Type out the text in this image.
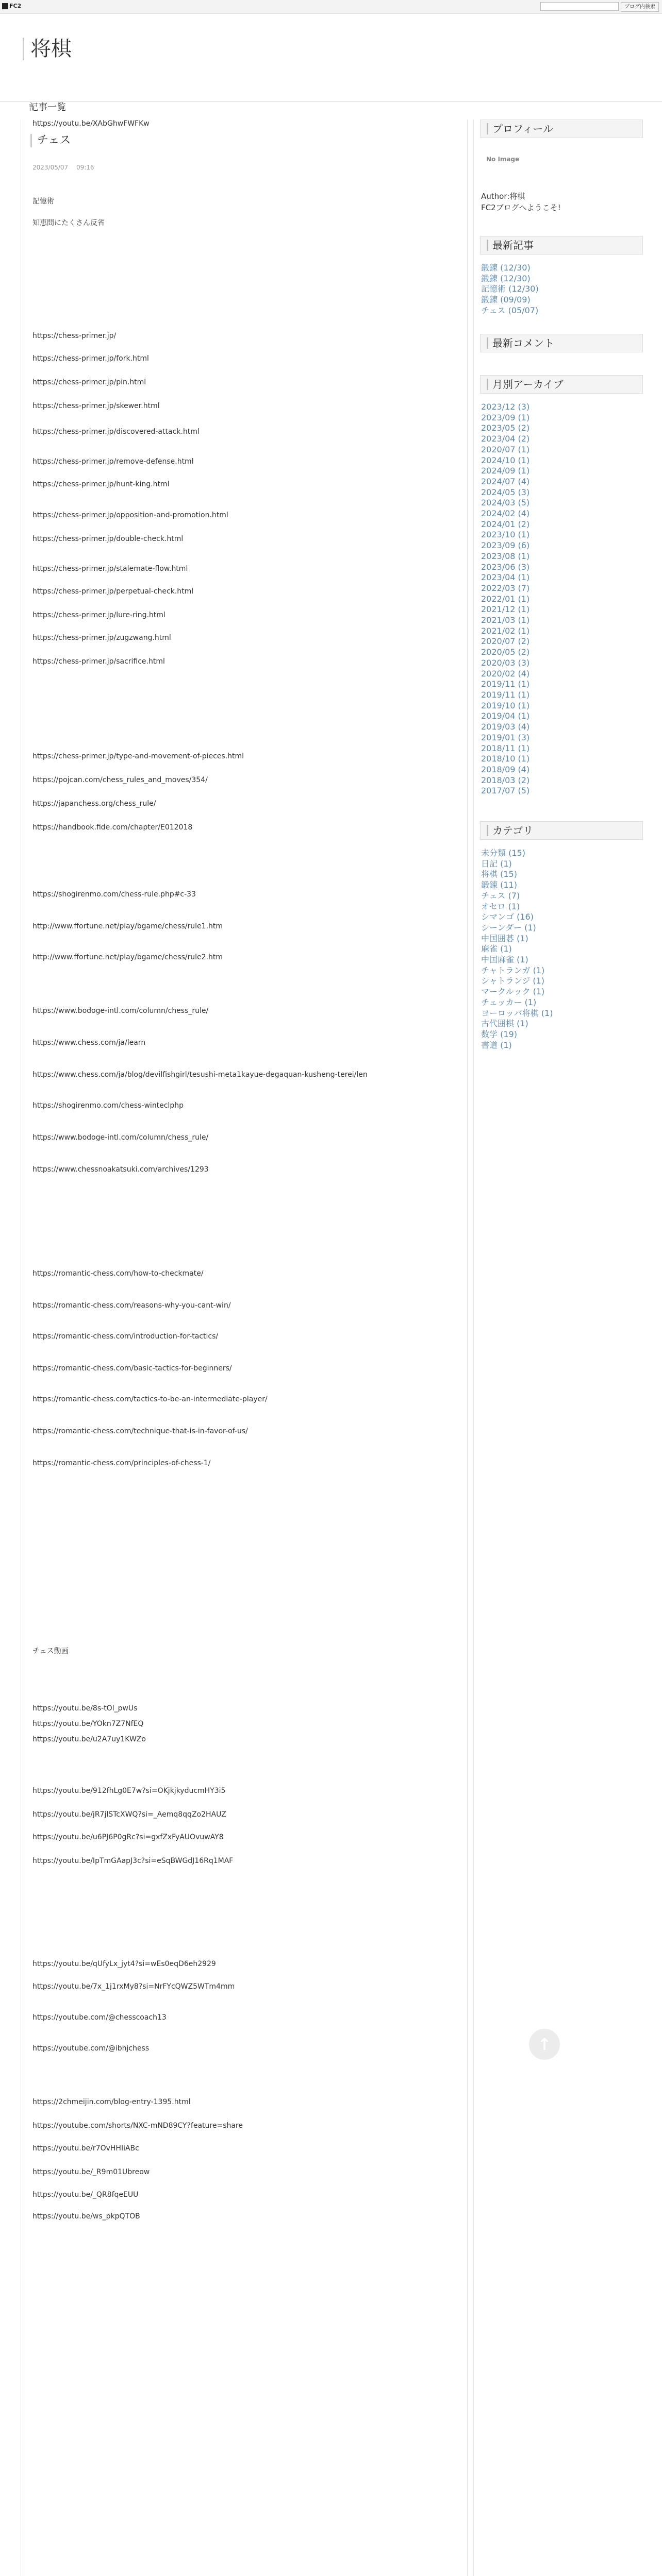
FC2	ブログ内検索
将棋
記事一覧
チェス
2023/05/07 　09:16
記憶術
知恵問にたくさん反省
https://chess-primer.jp/
https://chess-primer.jp/fork.html
https://chess-primer.jp/pin.html
https://chess-primer.jp/skewer.html
https://chess-primer.jp/discovered-attack.html
https://chess-primer.jp/remove-defense.html
https://chess-primer.jp/hunt-king.html
https://chess-primer.jp/opposition-and-promotion.html
https://chess-primer.jp/double-check.html
https://chess-primer.jp/stalemate-flow.html
https://chess-primer.jp/perpetual-check.html
https://chess-primer.jp/lure-ring.html
https://chess-primer.jp/zugzwang.html
https://chess-primer.jp/sacrifice.html
https://chess-primer.jp/type-and-movement-of-pieces.html
https://pojcan.com/chess_rules_and_moves/354/
https://japanchess.org/chess_rule/
https://handbook.fide.com/chapter/E012018
https://shogirenmo.com/chess-rule.php#c-33
http://www.ffortune.net/play/bgame/chess/rule1.htm
http://www.ffortune.net/play/bgame/chess/rule2.htm
https://www.bodoge-intl.com/column/chess_rule/
https://www.chess.com/ja/learn
https://www.chess.com/ja/blog/devilfishgirl/tesushi-meta1kayue-degaquan-kusheng-terei/len
https://shogirenmo.com/chess-winteclphp
https://www.bodoge-intl.com/column/chess_rule/
https://www.chessnoakatsuki.com/archives/1293
https://romantic-chess.com/how-to-checkmate/
https://romantic-chess.com/reasons-why-you-cant-win/
https://romantic-chess.com/introduction-for-tactics/
https://romantic-chess.com/basic-tactics-for-beginners/
https://romantic-chess.com/tactics-to-be-an-intermediate-player/
https://romantic-chess.com/technique-that-is-in-favor-of-us/
https://romantic-chess.com/principles-of-chess-1/
チェス動画
https://youtu.be/8s-tOl_pwUs
https://youtu.be/YOkn7Z7NfEQ
https://youtu.be/u2A7uy1KWZo
https://youtu.be/912fhLg0E7w?si=OKjkjkyducmHY3i5
https://youtu.be/jR7jlSTcXWQ?si=_Aemq8qqZo2HAUZ
https://youtu.be/u6PJ6P0gRc?si=gxfZxFyAUOvuwAY8
https://youtu.be/IpTmGAapJ3c?si=eSqBWGdJ16Rq1MAF
https://youtu.be/qUfyLx_jyt4?si=wEs0eqD6eh2929
https://youtu.be/7x_1j1rxMy8?si=NrFYcQWZ5WTm4mm
https://youtube.com/@chesscoach13
https://youtube.com/@ibhjchess
https://2chmeijin.com/blog-entry-1395.html
https://youtube.com/shorts/NXC-mND89CY?feature=share
https://youtu.be/r7OvHHIiABc
https://youtu.be/_R9m01Ubreow
https://youtu.be/_QR8fqeEUU
https://youtu.be/ws_pkpQTOB
https://youtu.be/XAbGhwFWFKw	プロフィール
No Image
Author:将棋
FC2ブログへようこそ!
最新記事
鍛錬 (12/30)
鍛錬 (12/30)
記憶術 (12/30)
鍛錬 (09/09)
チェス (05/07)
最新コメント
月別アーカイブ
2023/12 (3)
2023/09 (1)
2023/05 (2)
2023/04 (2)
2020/07 (1)
2024/10 (1)
2024/09 (1)
2024/07 (4)
2024/05 (3)
2024/03 (5)
2024/02 (4)
2024/01 (2)
2023/10 (1)
2023/09 (6)
2023/08 (1)
2023/06 (3)
2023/04 (1)
2022/03 (7)
2022/01 (1)
2021/12 (1)
2021/03 (1)
2021/02 (1)
2020/07 (2)
2020/05 (2)
2020/03 (3)
2020/02 (4)
2019/11 (1)
2019/11 (1)
2019/10 (1)
2019/04 (1)
2019/03 (4)
2019/01 (3)
2018/11 (1)
2018/10 (1)
2018/09 (4)
2018/03 (2)
2017/07 (5)
カテゴリ
未分類 (15)
日記 (1)
将棋 (15)
鍛錬 (11)
チェス (7)
オセロ (1)
シマンゴ (16)
シーンダー (1)
中国囲碁 (1)
麻雀 (1)
中国麻雀 (1)
チャトランガ (1)
シャトランジ (1)
マークルック (1)
チェッカー (1)
ヨーロッパ将棋 (1)
古代囲棋 (1)
数学 (19)
書道 (1)
↑
